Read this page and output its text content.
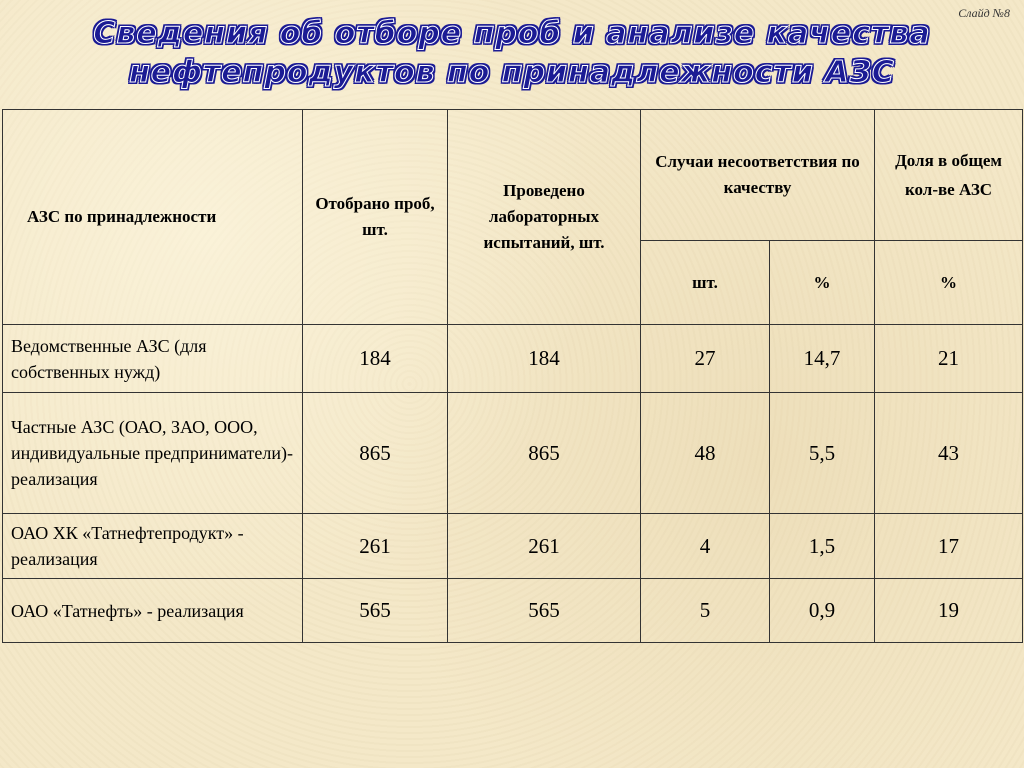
Слайд №8
Сведения об отборе проб и анализе качества
нефтепродуктов по принадлежности АЗС
АЗС по принадлежности	Отобрано проб, шт.	Проведено лабораторных испытаний, шт.	Случаи несоответствия по качеству		Доля в общем кол-ве АЗС
			шт.	%	%
Ведомственные АЗС (для собственных нужд)	184	184	27	14,7	21
Частные АЗС (ОАО, ЗАО, ООО, индивидуальные предприниматели)- реализация	865	865	48	5,5	43
ОАО ХК «Татнефтепродукт» - реализация	261	261	4	1,5	17
ОАО «Татнефть» - реализация	565	565	5	0,9	19
